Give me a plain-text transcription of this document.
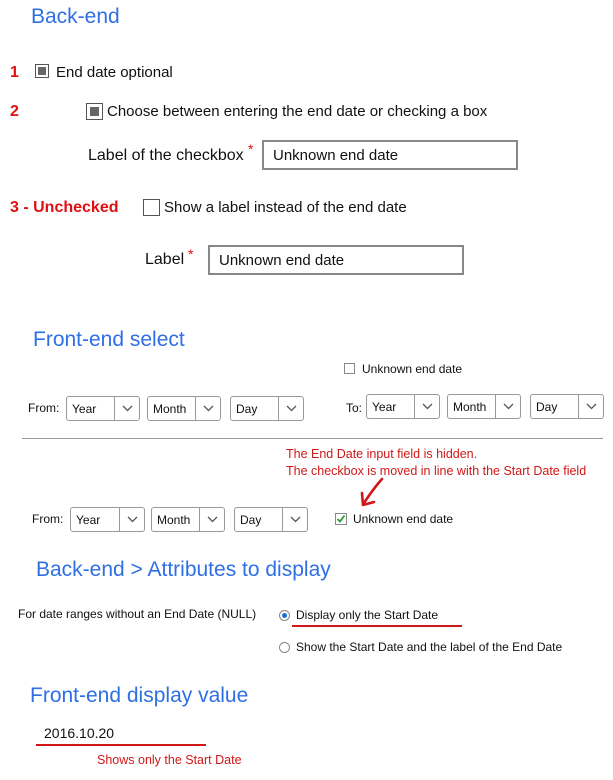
Back-end
1 End date optional
2	Choose between entering the end date or checking a box
Label of the checkbox *	Unknown end date
3 - Unchecked	Show a label instead of the end date
Label *	Unknown end date
Front-end select
Unknown end date
From:	Year	Month	Day	To: Year	Month	Day
The End Date input field is hidden.
The checkbox is moved in line with the Start Date field
From:	Year	Month	Day	Unknown end date
Back-end > Attributes to display
For date ranges without an End Date (NULL)	Display only the Start Date
Show the Start Date and the label of the End Date
Front-end display value
2016.10.20
Shows only the Start Date
